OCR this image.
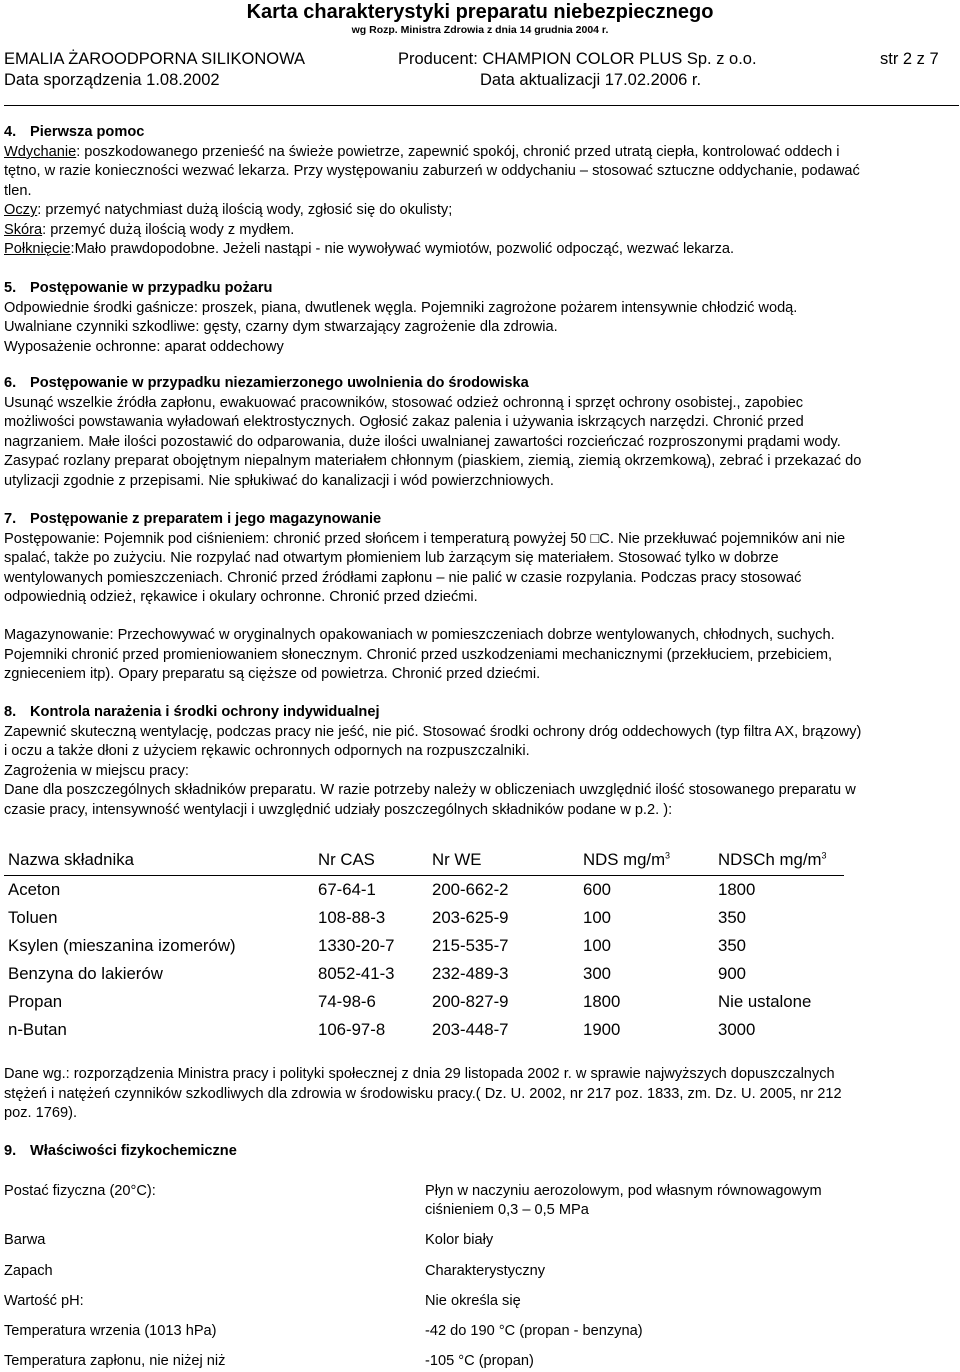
Karta charakterystyki preparatu niebezpiecznego
wg Rozp. Ministra Zdrowia z dnia 14 grudnia 2004 r.
EMALIA ŻAROODPORNA SILIKONOWA	Producent: CHAMPION COLOR PLUS Sp. z o.o.	str 2 z 7
Data sporządzenia 1.08.2002	Data aktualizacji 17.02.2006 r.
4. Pierwsza pomoc
Wdychanie: poszkodowanego przenieść na świeże powietrze, zapewnić spokój, chronić przed utratą ciepła, kontrolować oddech i
tętno, w razie konieczności wezwać lekarza. Przy występowaniu zaburzeń w oddychaniu – stosować sztuczne oddychanie, podawać
tlen.
Oczy: przemyć natychmiast dużą ilością wody, zgłosić się do okulisty;
Skóra: przemyć dużą ilością wody z mydłem.
Połknięcie:Mało prawdopodobne. Jeżeli nastąpi - nie wywoływać wymiotów, pozwolić odpocząć, wezwać lekarza.
5. Postępowanie w przypadku pożaru
Odpowiednie środki gaśnicze: proszek, piana, dwutlenek węgla. Pojemniki zagrożone pożarem intensywnie chłodzić wodą.
Uwalniane czynniki szkodliwe: gęsty, czarny dym stwarzający zagrożenie dla zdrowia.
Wyposażenie ochronne: aparat oddechowy
6. Postępowanie w przypadku niezamierzonego uwolnienia do środowiska
Usunąć wszelkie źródła zapłonu, ewakuować pracowników, stosować odzież ochronną i sprzęt ochrony osobistej., zapobiec
możliwości powstawania wyładowań elektrostycznych. Ogłosić zakaz palenia i używania iskrzących narzędzi. Chronić przed
nagrzaniem. Małe ilości pozostawić do odparowania, duże ilości uwalnianej zawartości rozcieńczać rozproszonymi prądami wody.
Zasypać rozlany preparat obojętnym niepalnym materiałem chłonnym (piaskiem, ziemią, ziemią okrzemkową), zebrać i przekazać do
utylizacji zgodnie z przepisami. Nie spłukiwać do kanalizacji i wód powierzchniowych.
7. Postępowanie z preparatem i jego magazynowanie
Postępowanie: Pojemnik pod ciśnieniem: chronić przed słońcem i temperaturą powyżej 50 □C. Nie przekłuwać pojemników ani nie
spalać, także po zużyciu. Nie rozpylać nad otwartym płomieniem lub żarzącym się materiałem. Stosować tylko w dobrze
wentylowanych pomieszczeniach. Chronić przed źródłami zapłonu – nie palić w czasie rozpylania. Podczas pracy stosować
odpowiednią odzież, rękawice i okulary ochronne. Chronić przed dziećmi.
Magazynowanie: Przechowywać w oryginalnych opakowaniach w pomieszczeniach dobrze wentylowanych, chłodnych, suchych.
Pojemniki chronić przed promieniowaniem słonecznym. Chronić przed uszkodzeniami mechanicznymi (przekłuciem, przebiciem,
zgnieceniem itp). Opary preparatu są cięższe od powietrza. Chronić przed dziećmi.
8. Kontrola narażenia i środki ochrony indywidualnej
Zapewnić skuteczną wentylację, podczas pracy nie jeść, nie pić. Stosować środki ochrony dróg oddechowych (typ filtra AX, brązowy)
i oczu a także dłoni z użyciem rękawic ochronnych odpornych na rozpuszczalniki.
Zagrożenia w miejscu pracy:
Dane dla poszczególnych składników preparatu. W razie potrzeby należy w obliczeniach uwzględnić ilość stosowanego preparatu w
czasie pracy, intensywność wentylacji i uwzględnić udziały poszczególnych składników podane w p.2. ):
Nazwa składnika	Nr CAS	Nr WE	NDS $mg/m^3$	NDSCh $mg/m^3$
Aceton	67-64-1	200-662-2	600	1800
Toluen	108-88-3	203-625-9	100	350
Ksylen (mieszanina izomerów)	1330-20-7	215-535-7	100	350
Benzyna do lakierów	8052-41-3	232-489-3	300	900
Propan	74-98-6	200-827-9	1800	Nie ustalone
n-Butan	106-97-8	203-448-7	1900	3000
Dane wg.: rozporządzenia Ministra pracy i polityki społecznej z dnia 29 listopada 2002 r. w sprawie najwyższych dopuszczalnych
stężeń i natężeń czynników szkodliwych dla zdrowia w środowisku pracy.( Dz. U. 2002, nr 217 poz. 1833, zm. Dz. U. 2005, nr 212
poz. 1769).
9. Właściwości fizykochemiczne
Postać fizyczna (20°C):	Płyn w naczyniu aerozolowym, pod własnym równowagowym
ciśnieniem 0,3 – 0,5 MPa
Barwa	Kolor biały
Zapach	Charakterystyczny
Wartość pH:	Nie określa się
Temperatura wrzenia (1013 hPa)	-42 do 190 °C (propan - benzyna)
Temperatura zapłonu, nie niżej niż	-105 °C (propan)
